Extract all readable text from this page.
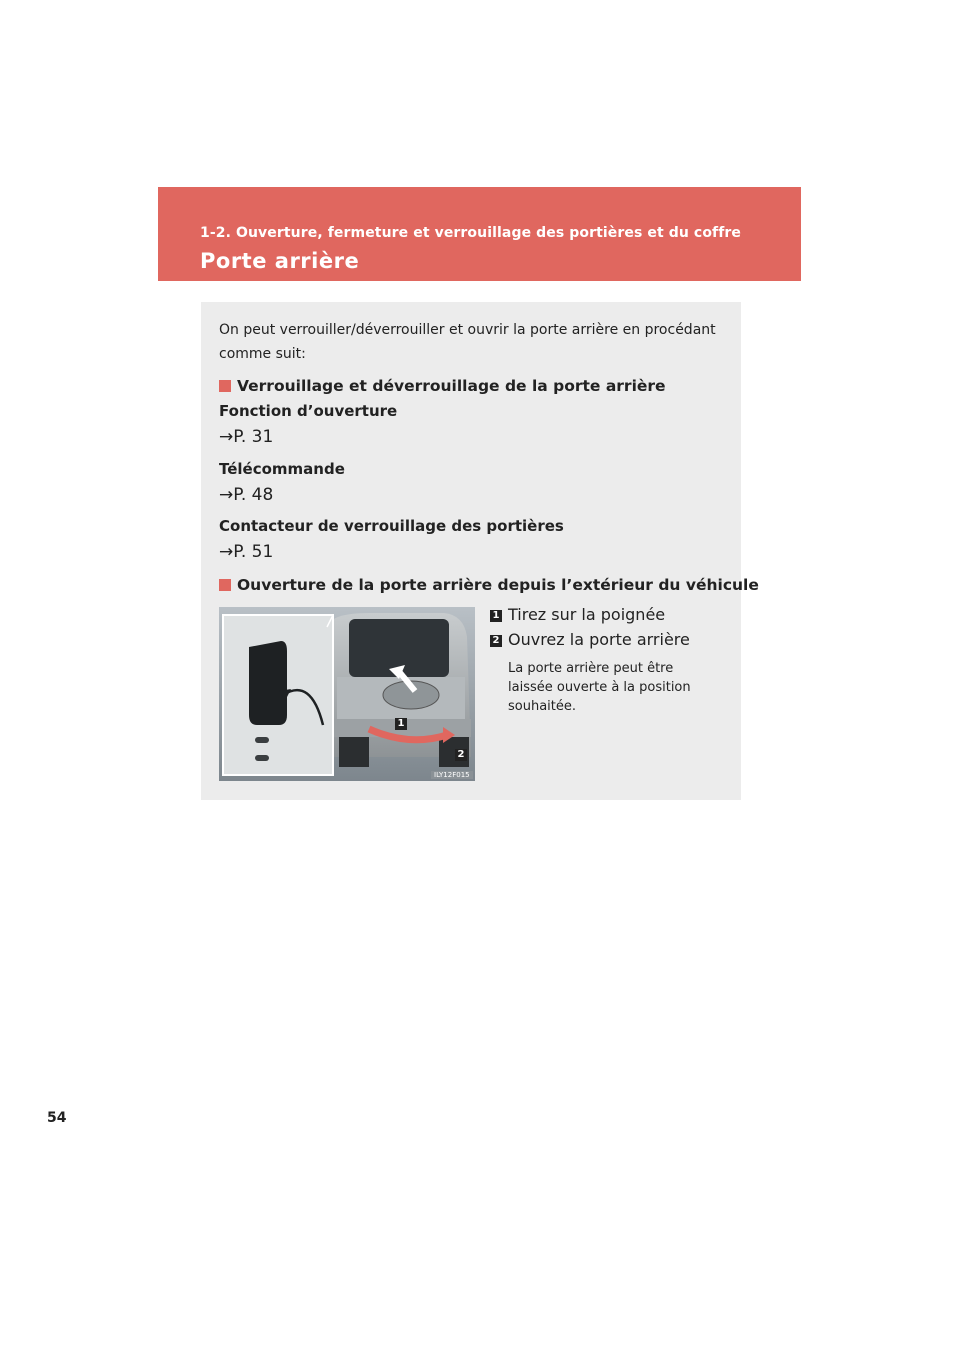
1-2. Ouverture, fermeture et verrouillage des portières et du coffre
Porte arrière
On peut verrouiller/déverrouiller et ouvrir la porte arrière en procédant comme suit:
Verrouillage et déverrouillage de la porte arrière
Fonction d’ouverture
→P. 31
Télécommande
→P. 48
Contacteur de verrouillage des portières
→P. 51
Ouverture de la porte arrière depuis l’extérieur du véhicule
1
2
ILY12F015
1 Tirez sur la poignée
2 Ouvrez la porte arrière
La porte arrière peut être laissée ouverte à la position souhaitée.
54
